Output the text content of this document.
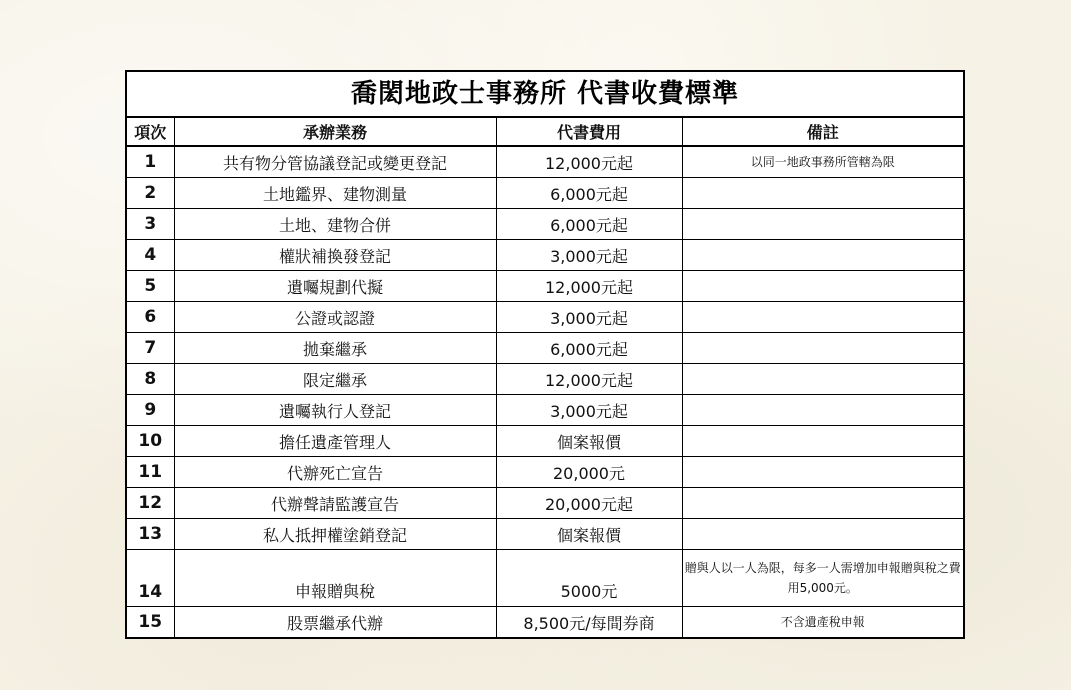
喬閎地政士事務所 代書收費標準
項次	承辦業務	代書費用	備註
1	共有物分管協議登記或變更登記	12,000元起	以同一地政事務所管轄為限
2	土地鑑界、建物測量	6,000元起	
3	土地、建物合併	6,000元起	
4	權狀補換發登記	3,000元起	
5	遺囑規劃代擬	12,000元起	
6	公證或認證	3,000元起	
7	拋棄繼承	6,000元起	
8	限定繼承	12,000元起	
9	遺囑執行人登記	3,000元起	
10	擔任遺產管理人	個案報價	
11	代辦死亡宣告	20,000元	
12	代辦聲請監護宣告	20,000元起	
13	私人抵押權塗銷登記	個案報價	
14	申報贈與稅	5000元	贈與人以一人為限，每多一人需增加申報贈與稅之費用5,000元。
15	股票繼承代辦	8,500元/每間券商	不含遺產稅申報
